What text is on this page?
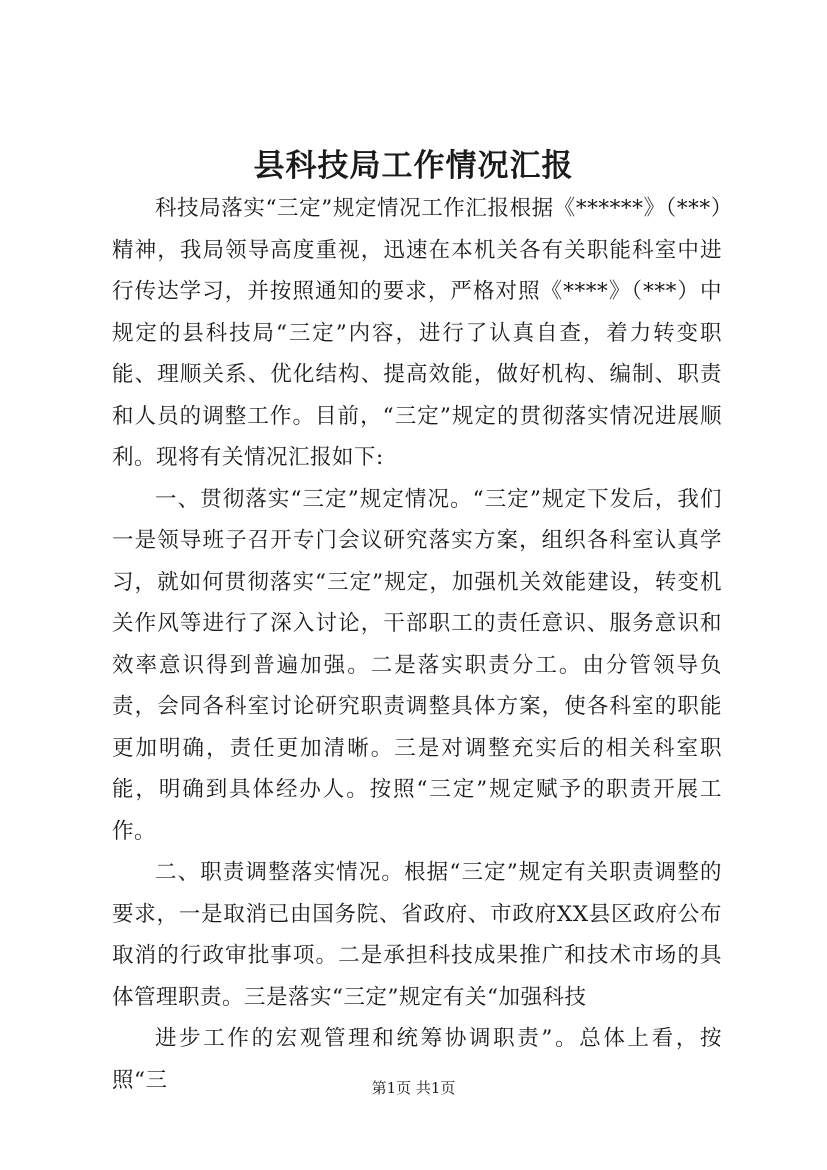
县科技局工作情况汇报

科技局落实“三定”规定情况工作汇报根据《******》（***）精神，我局领导高度重视，迅速在本机关各有关职能科室中进行传达学习，并按照通知的要求，严格对照《****》（***）中规定的县科技局“三定”内容，进行了认真自查，着力转变职能、理顺关系、优化结构、提高效能，做好机构、编制、职责和人员的调整工作。目前，“三定”规定的贯彻落实情况进展顺利。现将有关情况汇报如下:

一、贯彻落实“三定”规定情况。“三定”规定下发后，我们一是领导班子召开专门会议研究落实方案，组织各科室认真学习，就如何贯彻落实“三定”规定，加强机关效能建设，转变机关作风等进行了深入讨论，干部职工的责任意识、服务意识和效率意识得到普遍加强。二是落实职责分工。由分管领导负责，会同各科室讨论研究职责调整具体方案，使各科室的职能更加明确，责任更加清晰。三是对调整充实后的相关科室职能，明确到具体经办人。按照“三定”规定赋予的职责开展工作。

二、职责调整落实情况。根据“三定”规定有关职责调整的要求，一是取消已由国务院、省政府、市政府XX县区政府公布取消的行政审批事项。二是承担科技成果推广和技术市场的具体管理职责。三是落实“三定”规定有关“加强科技

进步工作的宏观管理和统筹协调职责”。总体上看，按照“三	第1页 共1页
